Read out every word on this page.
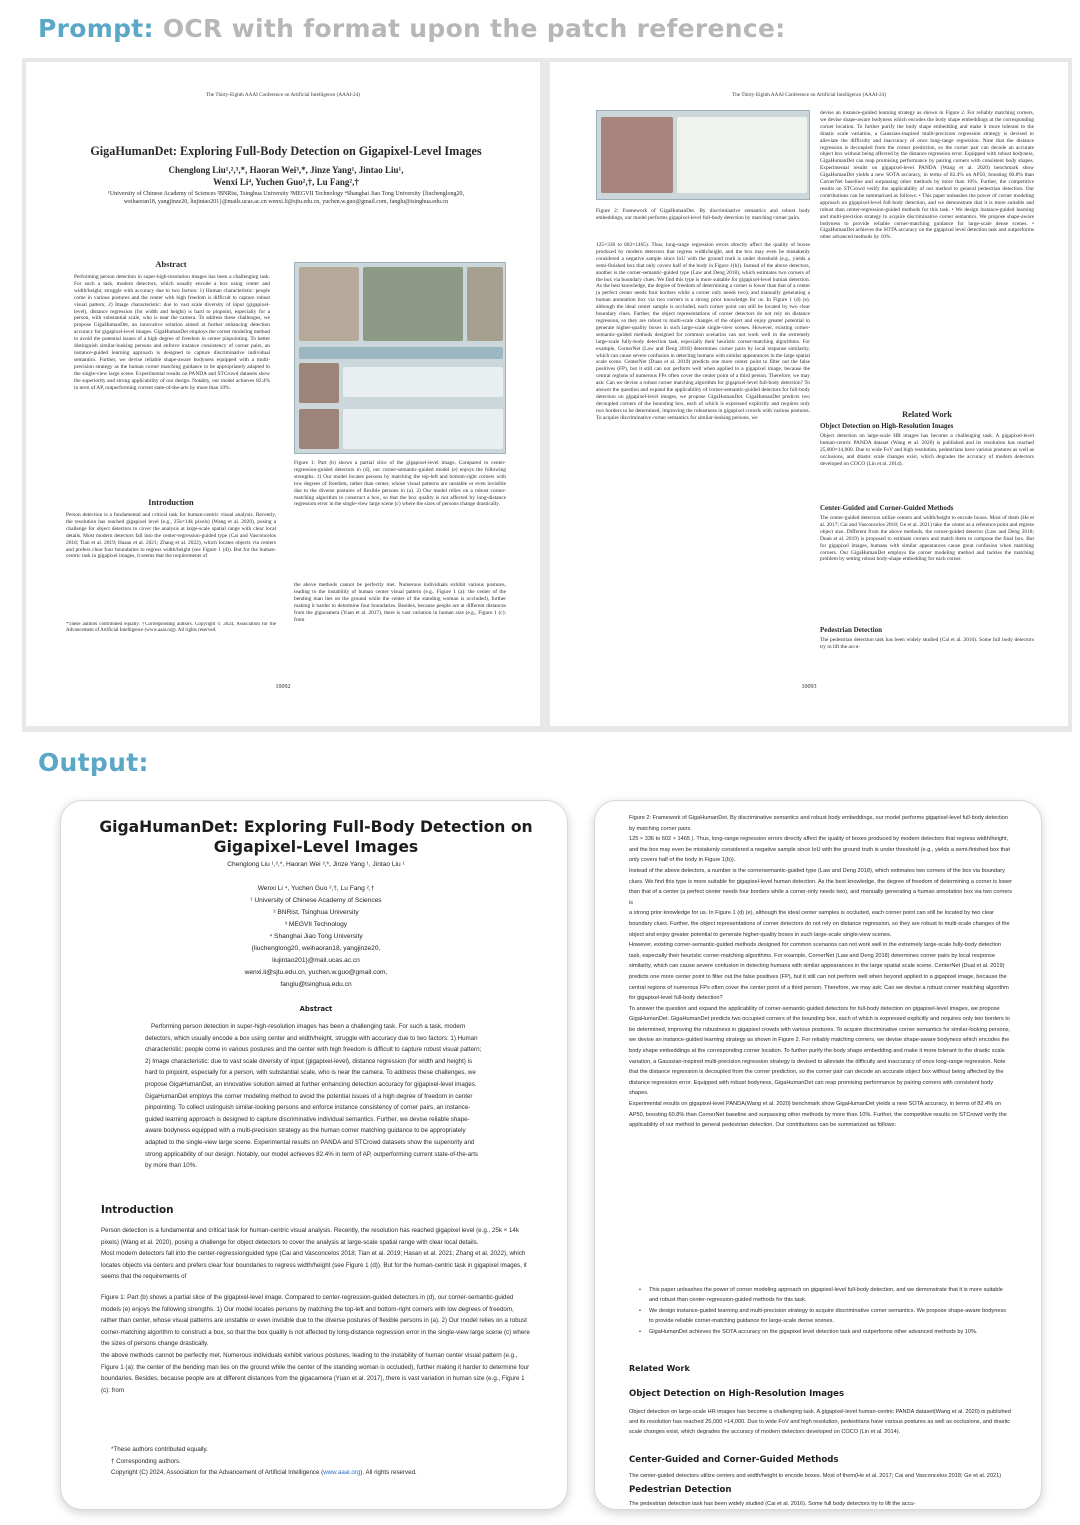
Prompt: OCR with format upon the patch reference:
The Thirty-Eighth AAAI Conference on Artificial Intelligence (AAAI-24)
GigaHumanDet: Exploring Full-Body Detection on Gigapixel-Level Images
Chenglong Liu¹,²,³,*, Haoran Wei³,*, Jinze Yang¹, Jintao Liu¹,
Wenxi Li⁴, Yuchen Guo²,†, Lu Fang²,†
¹University of Chinese Academy of Sciences ²BNRist, Tsinghua University ³MEGVII Technology ⁴Shanghai Jiao Tong University {liuchenglong20, weihaoran18, yangjinze20, liujintao201}@mails.ucas.ac.cn wenxi.li@sjtu.edu.cn, yuchen.w.guo@gmail.com, fanglu@tsinghua.edu.cn
Abstract
Performing person detection in super-high-resolution images has been a challenging task. For such a task, modern detectors, which usually encode a box using center and width/height, struggle with accuracy due to two factors: 1) Human characteristic: people come in various postures and the center with high freedom is difficult to capture robust visual pattern; 2) Image characteristic: due to vast scale diversity of input (gigapixel-level), distance regression (for width and height) is hard to pinpoint, especially for a person, with substantial scale, who is near the camera. To address these challenges, we propose GigaHumanDet, an innovative solution aimed at further enhancing detection accuracy for gigapixel-level images. GigaHumanDet employs the corner modeling method to avoid the potential issues of a high degree of freedom in center pinpointing. To better distinguish similar-looking persons and enforce instance consistency of corner pairs, an instance-guided learning approach is designed to capture discriminative individual semantics. Further, we devise reliable shape-aware bodyness equipped with a multi-precision strategy as the human corner matching guidance to be appropriately adapted to the single-view large scene. Experimental results on PANDA and STCrowd datasets show the superiority and strong applicability of our design. Notably, our model achieves 82.4% in term of AP, outperforming current state-of-the-arts by more than 10%.
Introduction
Person detection is a fundamental and critical task for human-centric visual analysis. Recently, the resolution has reached gigapixel level (e.g., 25k×14k pixels) (Wang et al. 2020), posing a challenge for object detectors to cover the analysis at large-scale spatial range with clear local details. Most modern detectors fall into the center-regression-guided type (Cai and Vasconcelos 2018; Tian et al. 2019; Hasan et al. 2021; Zhang et al. 2022), which locates objects via centers and prefers clear four boundaries to regress width/height (see Figure 1 (d)). But for the human-centric task in gigapixel images, it seems that the requirements of
*These authors contributed equally. †Corresponding authors. Copyright © 2024, Association for the Advancement of Artificial Intelligence (www.aaai.org). All rights reserved.
Figure 1: Part (b) shows a partial slice of the gigapixel-level image. Compared to center-regression-guided detectors in (d), our corner-semantic-guided model (e) enjoys the following strengths. 1) Our model locates persons by matching the top-left and bottom-right corners with low degrees of freedom, rather than center, whose visual patterns are unstable or even invisible due to the diverse postures of flexible persons in (a). 2) Our model relies on a robust corner-matching algorithm to construct a box, so that the box quality is not affected by long-distance regression error in the single-view large scene (c) where the sizes of persons change drastically.
the above methods cannot be perfectly met. Numerous individuals exhibit various postures, leading to the instability of human center visual pattern (e.g., Figure 1 (a): the center of the bending man lies on the ground while the center of the standing woman is occluded), further making it harder to determine four boundaries. Besides, because people are at different distances from the gigacamera (Yuan et al. 2017), there is vast variation in human size (e.g., Figure 1 (c): from
10092
The Thirty-Eighth AAAI Conference on Artificial Intelligence (AAAI-24)
Figure 2: Framework of GigaHumanDet. By discriminative semantics and robust body embeddings, our model performs gigapixel-level full-body detection by matching corner pairs.
125×336 to 602×1465). Thus, long-range regression errors directly affect the quality of boxes produced by modern detectors that regress width/height, and the box may even be mistakenly considered a negative sample since IoU with the ground truth is under threshold (e.g., yields a semi-finished box that only covers half of the body in Figure 1(b)). Instead of the above detectors, another is the corner-semantic-guided type (Law and Deng 2018), which estimates two corners of the box via boundary clues. We find this type is more suitable for gigapixel-level human detection. As the best knowledge, the degree of freedom of determining a corner is lower than that of a center (a perfect center needs four borders while a corner only needs two), and manually generating a human annotation box via two corners is a strong prior knowledge for us. In Figure 1 (d) (e), although the ideal center sample is occluded, each corner point can still be located by two clear boundary clues. Further, the object representations of corner detectors do not rely on distance regression, so they are robust to multi-scale changes of the object and enjoy greater potential to generate higher-quality boxes in such large-scale single-view scenes. However, existing corner-semantic-guided methods designed for common scenarios can not work well in the extremely large-scale fully-body detection task, especially their heuristic corner-matching algorithms. For example, CornerNet (Law and Deng 2018) determines corner pairs by local response similarity, which can cause severe confusion in detecting humans with similar appearances in the large spatial scale scene. CenterNet (Duan et al. 2019) predicts one more center point to filter out the false positives (FP), but it still can not perform well when applied to a gigapixel image, because the central regions of numerous FPs often cover the center point of a third person. Therefore, we may ask: Can we devise a robust corner matching algorithm for gigapixel-level full-body detection? To answer the question and expand the applicability of corner-semantic-guided detectors for full-body detection on gigapixel-level images, we propose GigaHumanDet. GigaHumanDet predicts two decoupled corners of the bounding box, each of which is expressed explicitly and requires only two borders to be determined, improving the robustness in gigapixel crowds with various postures. To acquire discriminative corner semantics for similar-looking persons, we
devise an instance-guided learning strategy as shown in Figure 2. For reliably matching corners, we devise shape-aware bodyness which encodes the body shape embeddings at the corresponding corner location. To further purify the body shape embedding and make it more tolerant to the drastic scale variation, a Gaussian-inspired multi-precision regression strategy is devised to alleviate the difficulty and inaccuracy of once long-range regression. Note that the distance regression is decoupled from the corner prediction, so the corner pair can decode an accurate object box without being affected by the distance regression error. Equipped with robust bodyness, GigaHumanDet can reap promising performance by pairing corners with consistent body shapes. Experimental results on gigapixel-level PANDA (Wang et al. 2020) benchmark show GigaHumanDet yields a new SOTA accuracy, in terms of 82.4% on AP50, boosting 60.8% than CornerNet baseline and surpassing other methods by more than 10%. Further, the competitive results on STCrowd verify the applicability of our method to general pedestrian detection. Our contributions can be summarized as follows: • This paper unleashes the power of corner modeling approach on gigapixel-level full-body detection, and we demonstrate that it is more suitable and robust than center-regression-guided methods for this task. • We design instance-guided learning and multi-precision strategy to acquire discriminative corner semantics. We propose shape-aware bodyness to provide reliable corner-matching guidance for large-scale dense scenes. • GigaHumanDet achieves the SOTA accuracy on the gigapixel level detection task and outperforms other advanced methods by 10%.
Related Work
Object Detection on High-Resolution Images
Object detection on large-scale HR images has become a challenging task. A gigapixel-level human-centric PANDA dataset (Wang et al. 2020) is published and its resolution has reached 25,000×14,000. Due to wide FoV and high resolution, pedestrians have various postures as well as occlusions, and drastic scale changes exist, which degrades the accuracy of modern detectors developed on COCO (Lin et al. 2014).
Center-Guided and Corner-Guided Methods
The center-guided detectors utilize centers and width/height to encode boxes. Most of them (He et al. 2017; Cai and Vasconcelos 2018; Ge et al. 2021) take the center as a reference point and regress object size. Different from the above methods, the corner-guided detector (Law and Deng 2018; Duan et al. 2019) is proposed to estimate corners and match them to compose the final box. But for gigapixel images, humans with similar appearances cause great confusion when matching corners. Our GigaHumanDet employs the corner modeling method and tackles the matching problem by setting robust body-shape embedding for each corner.
Pedestrian Detection
The pedestrian detection task has been widely studied (Cai et al. 2016). Some full body detectors try to lift the accu-
10093
Output:
GigaHumanDet: Exploring Full-Body Detection on Gigapixel-Level Images
Chenglong Liu ¹,²,*, Haoran Wei ³,*, Jinze Yang ¹, Jintao Liu ¹
Wenxi Li ⁴, Yuchen Guo ²,†, Lu Fang ²,†
¹ University of Chinese Academy of Sciences
² BNRist, Tsinghua University
³ MEGVII Technology
⁴ Shanghai Jiao Tong University
{liuchenglong20, weihaoran18, yangjinze20,
liujintao201}@mail.ucas.ac.cn
wenxi.li@sjtu.edu.cn, yuchen.w.guo@gmail.com,
fanglu@tsinghua.edu.cn
Abstract
Performing person detection in super-high-resolution images has been a challenging task. For such a task, modern detectors, which usually encode a box using center and width/height, struggle with accuracy due to two factors: 1) Human characteristic: people come in various postures and the center with high freedom is difficult to capture robust visual pattern; 2) Image characteristic: due to vast scale diversity of input (gigapixel-level), distance regression (for width and height) is hard to pinpoint, especially for a person, with substantial scale, who is near the camera. To address these challenges, we propose GigaHumanDet, an innovative solution aimed at further enhancing detection accuracy for gigapixel-level images. GigaHumanDet employs the corner modeling method to avoid the potential issues of a high degree of freedom in center pinpointing. To collect ustinguish similar-looking persons and enforce instance consistency of corner pairs, an instance-guided learning approach is designed to capture discriminative individual semantics. Further, we devise reliable shape-aware bodyness equipped with a multi-precision strategy as the human corner matching guidance to be appropriately adapted to the single-view large scene. Experimental results on PANDA and STCrowd datasets show the superiority and strong applicability of our design. Notably, our model achieves 82.4% in term of AP, outperforming current state-of-the-arts by more than 10%.
Introduction

Person detection is a fundamental and critical task for human-centric visual analysis. Recently, the resolution has reached gigapixel level (e.g., 25k × 14k pixels) (Wang et al. 2020), posing a challenge for object detectors to cover the analysis at large-scale spatial range with clear local details.

Most modern detectors fall into the center-regressionguided type (Cai and Vasconcelos 2018; Tian et al. 2019; Hasan et al. 2021; Zhang et al. 2022), which locates objects via centers and prefers clear four boundaries to regress width/height (see Figure 1 (d)). But for the human-centric task in gigapixel images, it seems that the requirements of

Figure 1: Part (b) shows a partial slice of the gigapixel-level image. Compared to center-regression-guided detectors in (d), our corner-semantic-guided models (e) enjoys the following strengths. 1) Our model locates persons by matching the top-left and bottom-right corners with low degrees of freedom, rather than center, whose visual patterns are unstable or even invisible due to the diverse postures of flexible persons in (a). 2) Our model relies on a robust corner-matching algorithm to construct a box, so that the box quality is not affected by long-distance regression error in the single-view large scene (c) where the sizes of persons change drastically.

the above methods cannot be perfectly met. Numerous individuals exhibit various postures, leading to the instability of human center visual pattern (e.g., Figure 1 (a): the center of the bending man lies on the ground while the center of the standing woman is occluded), further making it harder to determine four boundaries. Besides, because people are at different distances from the gigacamera (Yuan et al. 2017), there is vast variation in human size (e.g., Figure 1 (c): from

*These authors contributed equally.

† Corresponding authors.

Copyright (C) 2024, Association for the Advancement of Artificial Intelligence (www.aaai.org). All rights reserved.

Figure 2: Framework of GigaHumanDet. By discriminative semantics and robust body embeddings, our model performs gigapixel-level full-body detection by matching corner pairs.

125 × 336 to 602 × 1465 ). Thus, long-range regression errors directly affect the quality of boxes produced by modern detectors that regress width/height, and the box may even be mistakenly considered a negative sample since IoU with the ground truth is under threshold (e.g., yields a semi-finished box that only covers half of the body in Figure 1(b)).

Instead of the above detectors, a number is the cornersemantic-guided type (Law and Deng 2018), which estimates two corners of the box via boundary clues. We find this type is more suitable for gigapixel-level human detection. As the best knowledge, the degree of freedom of determining a corner is lower than that of a center (a perfect center needs four borders while a corner-only needs two), and manually generating a human annotation box via two corners is

a strong prior knowledge for us. In Figure 1 (d) (e), although the ideal center samples is occluded, each corner point can still be located by two clear boundary clues. Further, the object representations of corner detectors do not rely on distance regression, so they are robust to multi-scale changes of the object and enjoy greater potential to generate higher-quality boxes in such large-scale single-view scenes.

However, existing corner-semantic-guided methods designed for common scenarios can not work well in the extremely large-scale fully-body detection task, especially their heuristic corner-matching algorithms. For example, CornerNet (Law and Deng 2018) determines corner pairs by local response similarity, which can cause severe confusion in detecting humans with similar appearances in the large spatial scale scene. CenterNet (Dual et al. 2019) predicts one more center point to filter out the false positives (FP), but it still can not perform well when beyond applied to a gigapixel image, because the central regions of numerous FPs often cover the center point of a third person. Therefore, we may ask: Can we devise a robust corner matching algorithm for gigapixel-level full-body detection?

To answer the question and expand the applicability of corner-semantic-guided detectors for full-body detection on gigapixel-level images, we propose GigaHumanDet. GigaHumanDet predicts two occupied corners of the bounding box, each of which is expressed explicitly and requires only two borders to be determined, improving the robustness in gigapixel crowds with various postures. To acquire discriminative corner semantics for similar-looking persons, we devise an instance-guided learning strategy as shown in Figure 2. For reliably matching corners, we devise shape-aware bodyness which encodes the body shape embeddings at the corresponding corner location. To further purify the body shape embedding and make it more tolerant to the drastic scale variation, a Gaussian-inspired multi-precision regression strategy is devised to alleviate the difficulty and inaccuracy of once long-range regression. Note that the distance regression is decoupled from the corner prediction, so the corner pair can decode an accurate object box without being affected by the distance regression error. Equipped with robust bodyness, GigaHumanDet can reap promising performance by pairing corners with consistent body shapes.

Experimental results on gigapixel-level PANDA(Wang et al. 2020) benchmark show GigaHumanDet yields a new SOTA accuracy, in terms of 82.4% on AP50, boosting 60.8% than CornerNet baseline and surpassing other methods by more than 10%. Further, the competitive results on STCrowd verify the applicability of our method to general pedestrian detection. Our contributions can be summarized as follows:

• This paper unleashes the power of corner modeling approach on gigapixel-level full-body detection, and we demonstrate that it is more suitable and robust than center-regression-guided methods for this task.
• We design instance-guided learning and multi-precision strategy to acquire discriminative corner semantics. We propose shape-aware bodyness to provide reliable corner-matching guidance for large-scale dense scenes.
• GigaHumanDet achieves the SOTA accuracy on the gigapixel level detection task and outperforms other advanced methods by 10%.
Related Work
Object Detection on High-Resolution Images
Object detection on large-scale HR images has become a challenging task. A gigapixel-level human-centric PANDA dataset(Wang et al. 2020) is published and its resolution has reached 25,000 ×14,000. Due to wide FoV and high resolution, pedestrians have various postures as well as occlusions, and drastic scale changes exist, which degrades the accuracy of modern detectors developed on COCO (Lin et al. 2014).
Center-Guided and Corner-Guided Methods
The center-guided detectors utilize centers and width/height to encode boxes. Most of them(He et al. 2017; Cai and Vasconcelos 2018; Ge et al. 2021)
Pedestrian Detection
The pedestrian detection task has been widely studied (Cai et al. 2016). Some full body detectors try to lift the accu-
